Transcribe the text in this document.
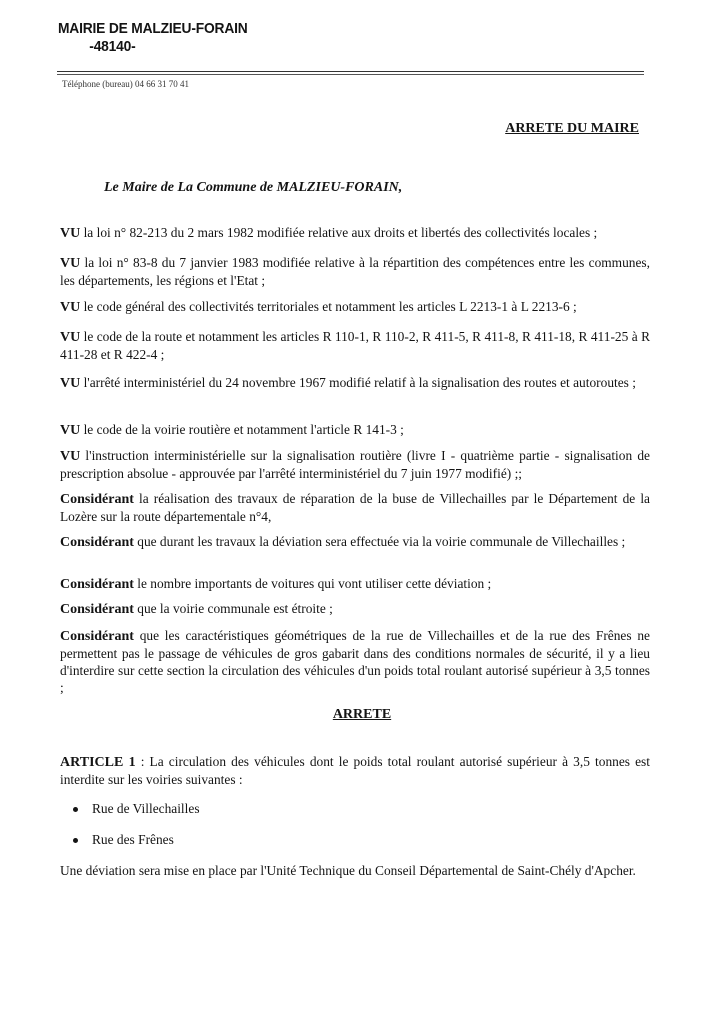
MAIRIE DE MALZIEU-FORAIN
-48140-
Téléphone (bureau) 04 66 31 70 41
ARRETE DU MAIRE
Le Maire de La Commune de MALZIEU-FORAIN,
VU la loi n° 82-213 du 2 mars 1982 modifiée relative aux droits et libertés des collectivités locales ;
VU la loi n° 83-8 du 7 janvier 1983 modifiée relative à la répartition des compétences entre les communes, les départements, les régions et l'Etat ;
VU le code général des collectivités territoriales et notamment les articles L 2213-1 à L 2213-6 ;
VU le code de la route et notamment les articles R 110-1, R 110-2, R 411-5, R 411-8, R 411-18, R 411-25 à R 411-28 et R 422-4 ;
VU l'arrêté interministériel du 24 novembre 1967 modifié relatif à la signalisation des routes et autoroutes ;
VU le code de la voirie routière et notamment l'article R 141-3 ;
VU l'instruction interministérielle sur la signalisation routière (livre I - quatrième partie - signalisation de prescription absolue - approuvée par l'arrêté interministériel du 7 juin 1977 modifié) ;;
Considérant la réalisation des travaux de réparation de la buse de Villechailles par le Département de la Lozère sur la route départementale n°4,
Considérant que durant les travaux la déviation sera effectuée via la voirie communale de Villechailles ;
Considérant le nombre importants de voitures qui vont utiliser cette déviation ;
Considérant que la voirie communale est étroite ;
Considérant que les caractéristiques géométriques de la rue de Villechailles et de la rue des Frênes ne permettent pas le passage de véhicules de gros gabarit dans des conditions normales de sécurité, il y a lieu d'interdire sur cette section la circulation des véhicules d'un poids total roulant autorisé supérieur à 3,5 tonnes ;
ARRETE
ARTICLE 1 : La circulation des véhicules dont le poids total roulant autorisé supérieur à 3,5 tonnes est interdite sur les voiries suivantes :
Rue de Villechailles
Rue des Frênes
Une déviation sera mise en place par l'Unité Technique du Conseil Départemental de Saint-Chély d'Apcher.
